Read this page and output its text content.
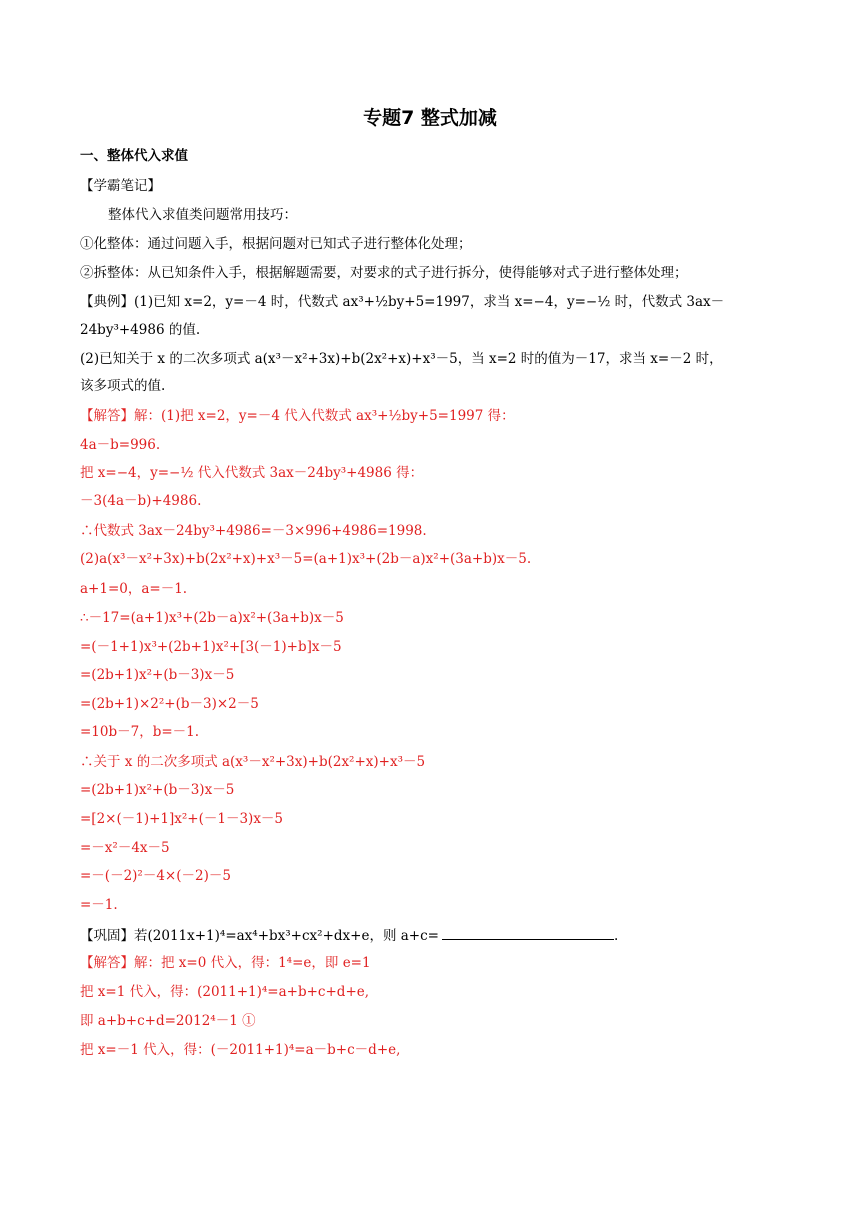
专题7 整式加减
一、整体代入求值
【学霸笔记】
整体代入求值类问题常用技巧：
①化整体：通过问题入手，根据问题对已知式子进行整体化处理；
②拆整体：从已知条件入手，根据解题需要，对要求的式子进行拆分，使得能够对式子进行整体处理；
【典例】(1)已知 x=2，y=－4 时，代数式 ax³+½by+5=1997，求当 x=−4，y=−½ 时，代数式 3ax－
24by³+4986 的值.
(2)已知关于 x 的二次多项式 a(x³－x²+3x)+b(2x²+x)+x³－5，当 x=2 时的值为－17，求当 x=－2 时，
该多项式的值.
【解答】解：(1)把 x=2，y=－4 代入代数式 ax³+½by+5=1997 得：
4a－b=996.
把 x=−4，y=−½ 代入代数式 3ax－24by³+4986 得：
－3(4a－b)+4986.
∴代数式 3ax－24by³+4986=－3×996+4986=1998.
(2)a(x³－x²+3x)+b(2x²+x)+x³－5=(a+1)x³+(2b－a)x²+(3a+b)x－5.
a+1=0，a=－1.
∴－17=(a+1)x³+(2b－a)x²+(3a+b)x－5
=(－1+1)x³+(2b+1)x²+[3(－1)+b]x－5
=(2b+1)x²+(b－3)x－5
=(2b+1)×2²+(b－3)×2－5
=10b－7，b=－1.
∴关于 x 的二次多项式 a(x³－x²+3x)+b(2x²+x)+x³－5
=(2b+1)x²+(b－3)x－5
=[2×(－1)+1]x²+(－1－3)x－5
=－x²－4x－5
=－(－2)²－4×(－2)－5
=－1.
【巩固】若(2011x+1)⁴=ax⁴+bx³+cx²+dx+e，则 a+c=	.
【解答】解：把 x=0 代入，得：1⁴=e，即 e=1
把 x=1 代入，得：(2011+1)⁴=a+b+c+d+e,
即 a+b+c+d=2012⁴－1 ①
把 x=－1 代入，得：(－2011+1)⁴=a－b+c－d+e,
